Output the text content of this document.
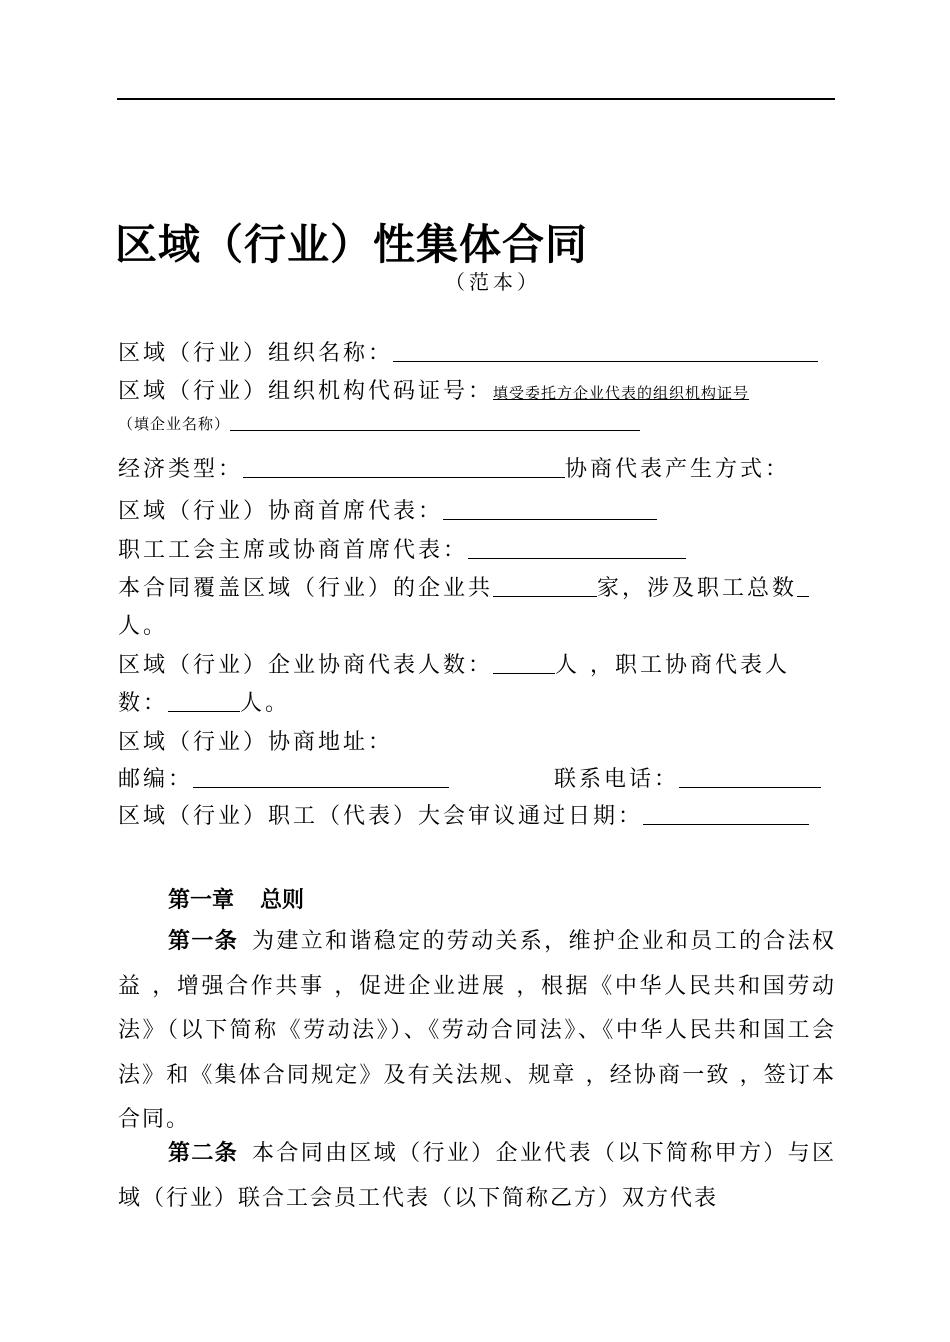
区域（行业）性集体合同
（范本）
区域（行业）组织名称：
区域（行业）组织机构代码证号：填受委托方企业代表的组织机构证号
（填企业名称）
经济类型：	协商代表产生方式：
区域（行业）协商首席代表：
职工工会主席或协商首席代表：
本合同覆盖区域（行业）的企业共	家，涉及职工总数
人。
区域（行业）企业协商代表人数：	人 ，职工协商代表人
数：	人。
区域（行业）协商地址：
邮编：	联系电话：
区域（行业）职工（代表）大会审议通过日期：
第一章 总则
第一条 为建立和谐稳定的劳动关系，维护企业和员工的合法权益 ，增强合作共事 ，促进企业进展 ，根据《中华人民共和国劳动法》（以下简称《劳动法》）、《劳动合同法》、《中华人民共和国工会法》和《集体合同规定》及有关法规、规章 ，经协商一致 ，签订本合同。
第二条 本合同由区域（行业）企业代表（以下简称甲方）与区域（行业）联合工会员工代表（以下简称乙方）双方代表
